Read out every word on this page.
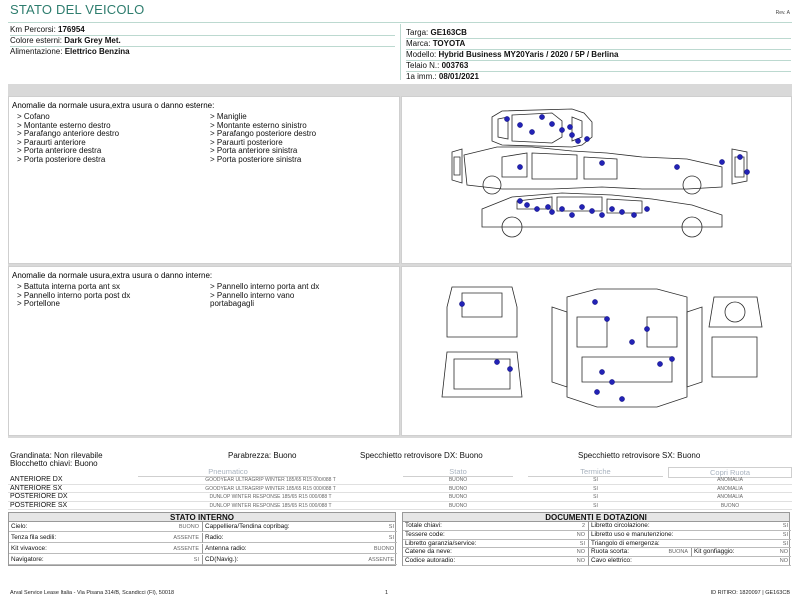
STATO DEL VEICOLO	Rev. A
Km Percorsi: 176954
Colore esterni: Dark Grey Met.
Alimentazione: Elettrico Benzina
Targa: GE163CB
Marca: TOYOTA
Modello: Hybrid Business MY20Yaris / 2020 / 5P / Berlina
Telaio N.: 003763
1a imm.: 08/01/2021
Anomalie da normale usura,extra usura o danno esterne:
> Cofano
> Montante esterno destro
> Parafango anteriore destro
> Paraurti anteriore
> Porta anteriore destra
> Porta posteriore destra
> Maniglie
> Montante esterno sinistro
> Parafango posteriore destro
> Paraurti posteriore
> Porta anteriore sinistra
> Porta posteriore sinistra
Anomalie da normale usura,extra usura o danno interne:
> Battuta interna porta ant sx
> Pannello interno porta post dx
> Portellone
> Pannello interno porta ant dx
> Pannello interno vano
portabagagli
Grandinata: Non rilevabile	Parabrezza: Buono	Specchietto retrovisore DX: Buono	Specchietto retrovisore SX: Buono
Blocchetto chiavi: Buono
Pneumatico	Stato	Termiche	Copri Ruota
ANTERIORE DX	GOODYEAR ULTRAGRIP WINTER 185/65 R15 000/088 T	BUONO	SI	ANOMALIA
ANTERIORE SX	GOODYEAR ULTRAGRIP WINTER 185/65 R15 000/088 T	BUONO	SI	ANOMALIA
POSTERIORE DX	DUNLOP WINTER RESPONSE 185/65 R15 000/088 T	BUONO	SI	ANOMALIA
POSTERIORE SX	DUNLOP WINTER RESPONSE 185/65 R15 000/088 T	BUONO	SI	BUONO
STATO INTERNO
Cielo:	BUONO Cappelliera/Tendina copribag:	SI
Tenza fila sedili:	ASSENTE Radio:	SI
Kit vivavoce:	ASSENTE Antenna radio:	BUONO
Navigatore:	SI CD(Navig.):	ASSENTE
DOCUMENTI E DOTAZIONI
Totale chiavi:	2 Libretto circolazione:	SI
Tessere code:	NO Libretto uso e manutenzione:	SI
Libretto garanzia/service:	SI Triangolo di emergenza:	SI
Catene da neve:	NO Ruota scorta:	BUONA Kit gonfiaggio:	NO
Codice autoradio:	NO Cavo elettrico:	NO
Arval Service Lease Italia - Via Pisana 314/B, Scandicci (FI), 50018	1	ID RITIRO: 1820097 | GE163CB
